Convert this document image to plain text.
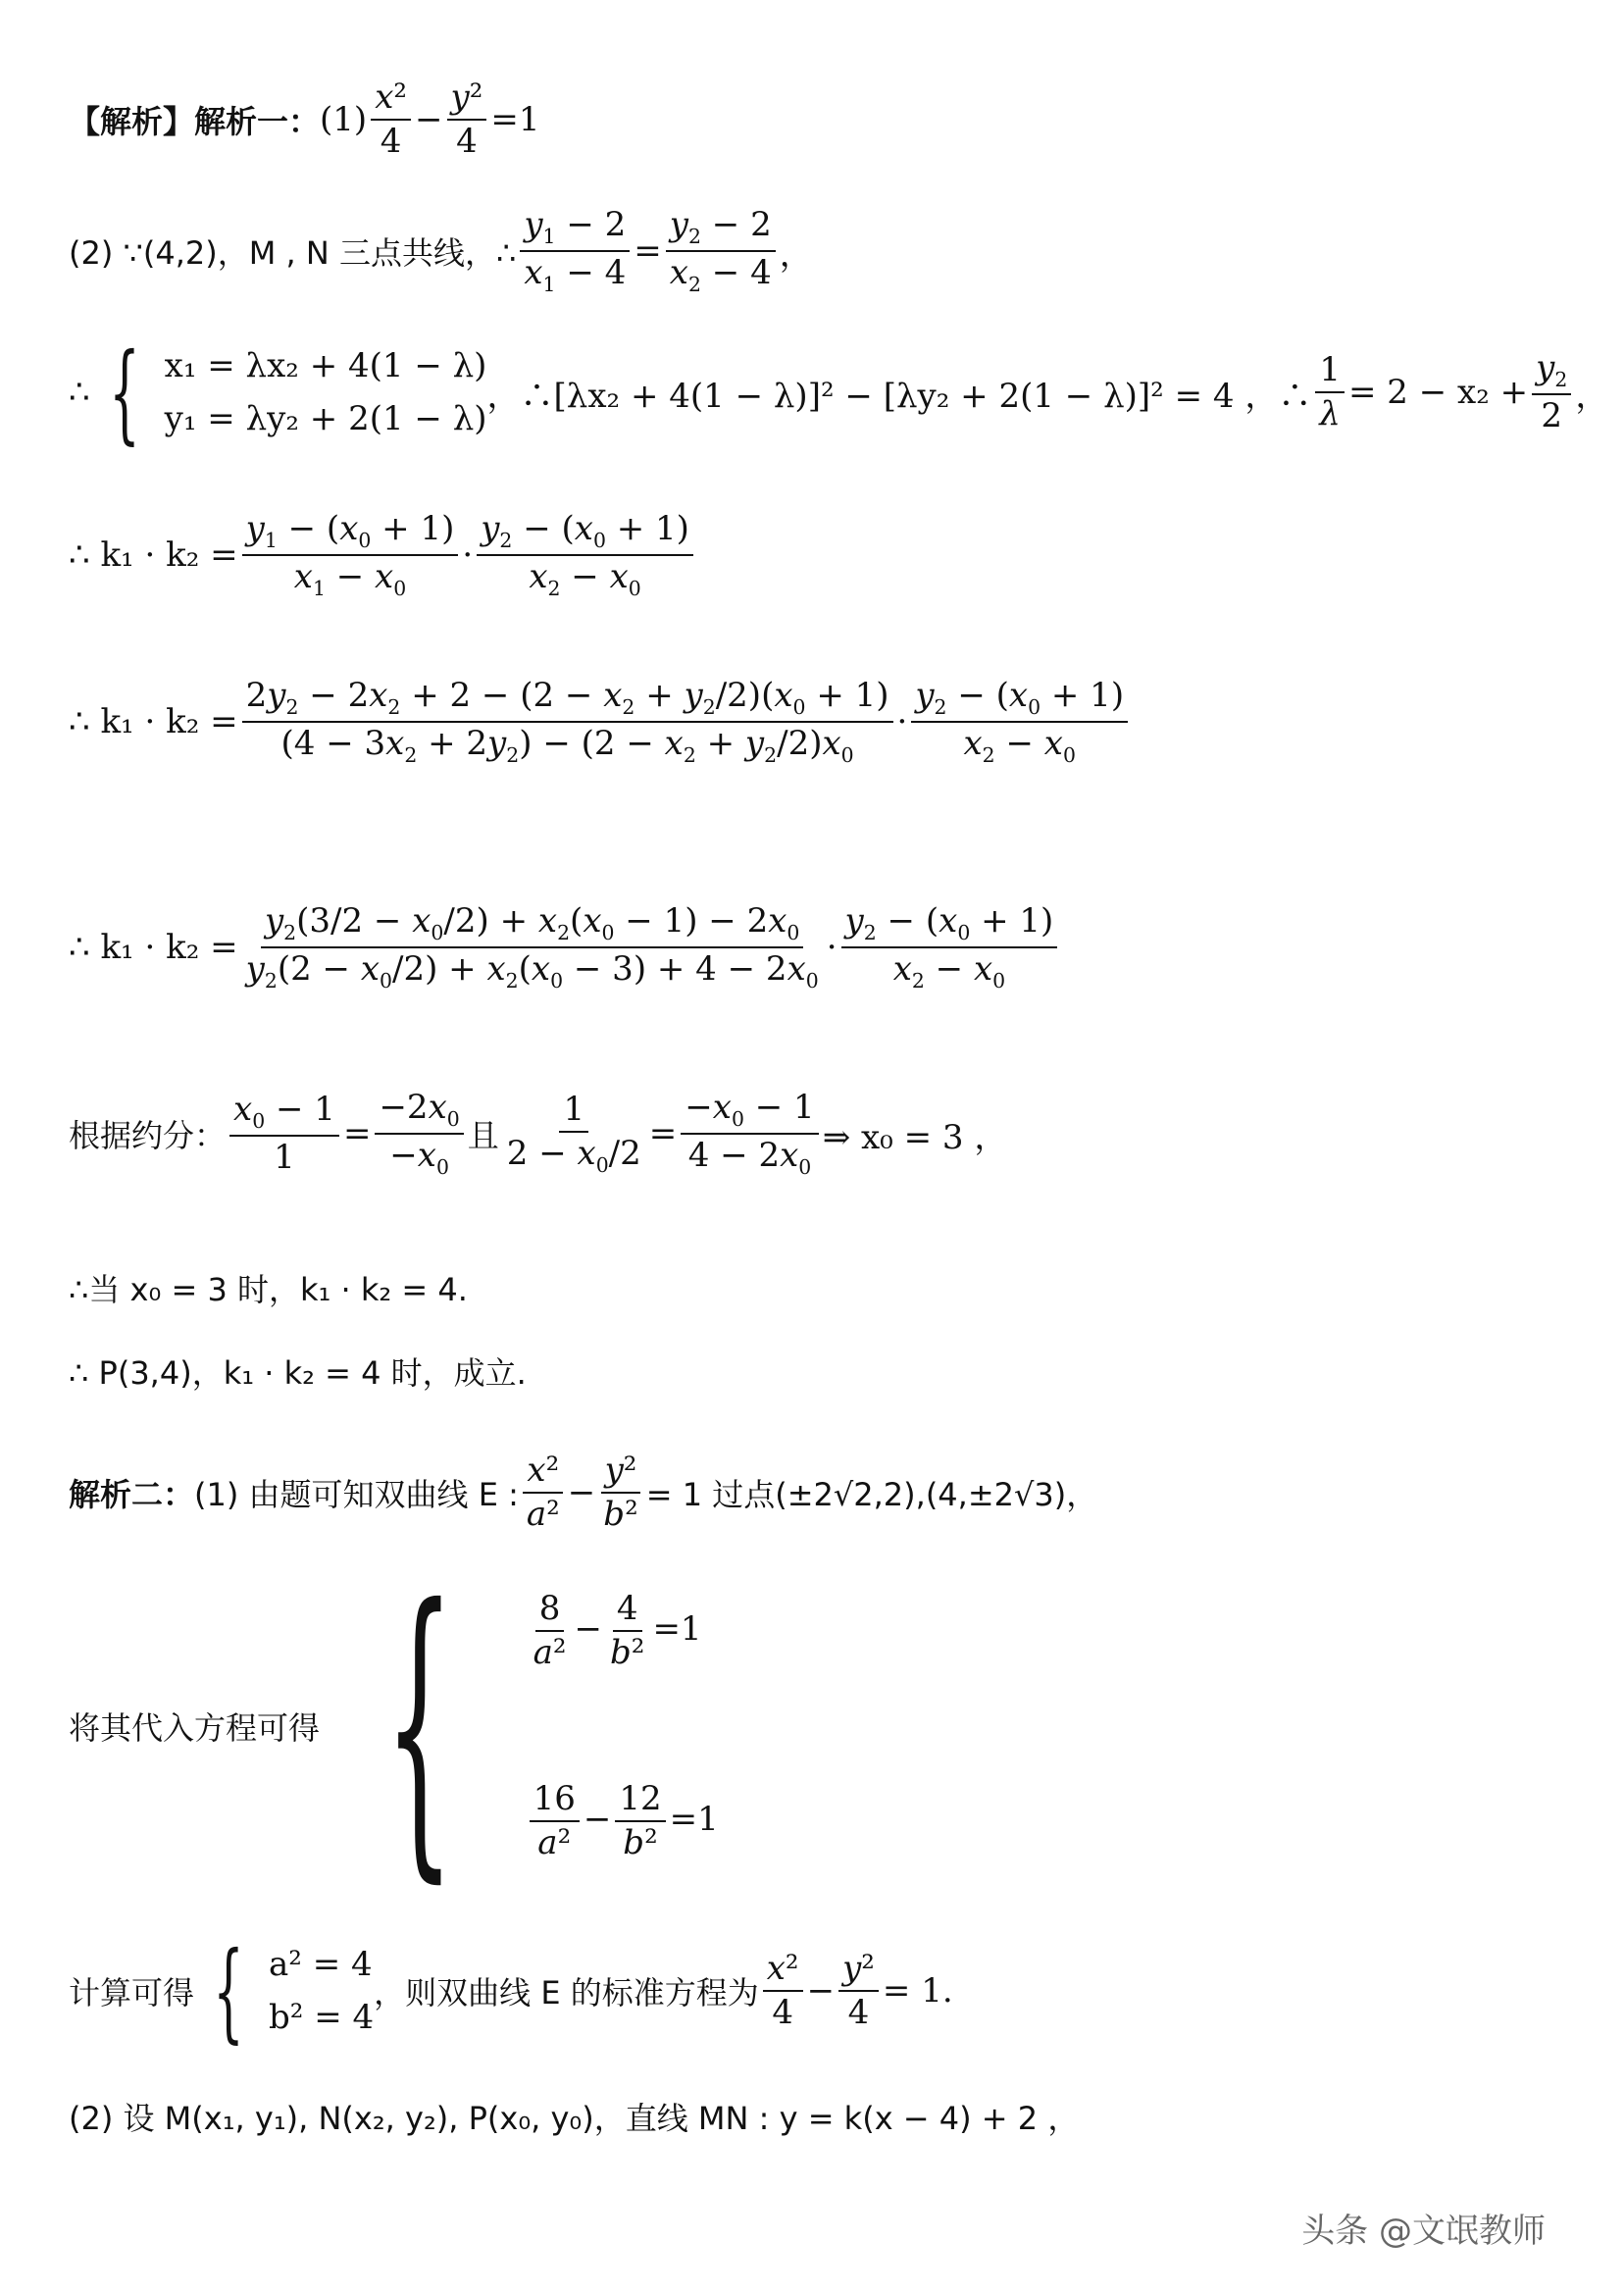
【解析】解析一： $(1) \frac{\text{x²}}{4} - \frac{\text{y²}}{4} =1$
(2) ∵(4,2)，M , N 三点共线，∴ $\frac{y_1 - 2}{x_1 - 4} = \frac{y_2 - 2}{x_2 - 4}$ ，
∴ { x₁ = λx₂ + 4(1 − λ)
y₁ = λy₂ + 2(1 − λ)
，∴[λx₂ + 4(1 − λ)]² − [λy₂ + 2(1 − λ)]² = 4 ，∴ $\frac{1}{\lambda} = 2 - x_2 + \frac{y_2}{2}$ ，
∴ $k_1 \cdot k_2 = \frac{y_1 - (x_0 + 1)}{x_1 - x_0} \cdot \frac{y_2 - (x_0 + 1)}{x_2 - x_0}$
∴ $k_1 \cdot k_2 = \frac{2y_2 - 2x_2 + 2 - (2 - x_2 + y_2/2)(x_0 + 1)}{(4 - 3x_2 + 2y_2) - (2 - x_2 + y_2/2)x_0} \cdot \frac{y_2 - (x_0 + 1)}{x_2 - x_0}$
∴ $k_1 \cdot k_2 = \frac{y_2(3/2 - x_0/2) + x_2(x_0 - 1) - 2x_0}{y_2(2 - x_0/2) + x_2(x_0 - 3) + 4 - 2x_0} \cdot \frac{y_2 - (x_0 + 1)}{x_2 - x_0}$
根据约分： $\frac{x_0 - 1}{1} = \frac{-2x_0}{-x_0}$ 且 $\frac{1}{2 - x_0/2} = \frac{-x_0 - 1}{4 - 2x_0}$ ⇒ x₀ = 3 ，
∴当 x₀ = 3 时，k₁ · k₂ = 4.
∴ P(3,4)，k₁ · k₂ = 4 时，成立.
解析二： (1) 由题可知双曲线 E : $\frac{\text{x²}}{\text{a²}} - \frac{\text{y²}}{\text{b²}} = 1$ 过点(±2√2,2),(4,±2√3)，
将其代入方程可得 { $\frac{8}{\text{a²}} - \frac{4}{\text{b²}} =1$
$\frac{16}{\text{a²}} - \frac{12}{\text{b²}} =1$
计算可得 { a² = 4
b² = 4
，则双曲线 E 的标准方程为 $\frac{\text{x²}}{4} - \frac{\text{y²}}{4} = 1$.
(2) 设 M(x₁, y₁), N(x₂, y₂), P(x₀, y₀)，直线 MN : y = k(x − 4) + 2 ，
头条 @文氓教师
